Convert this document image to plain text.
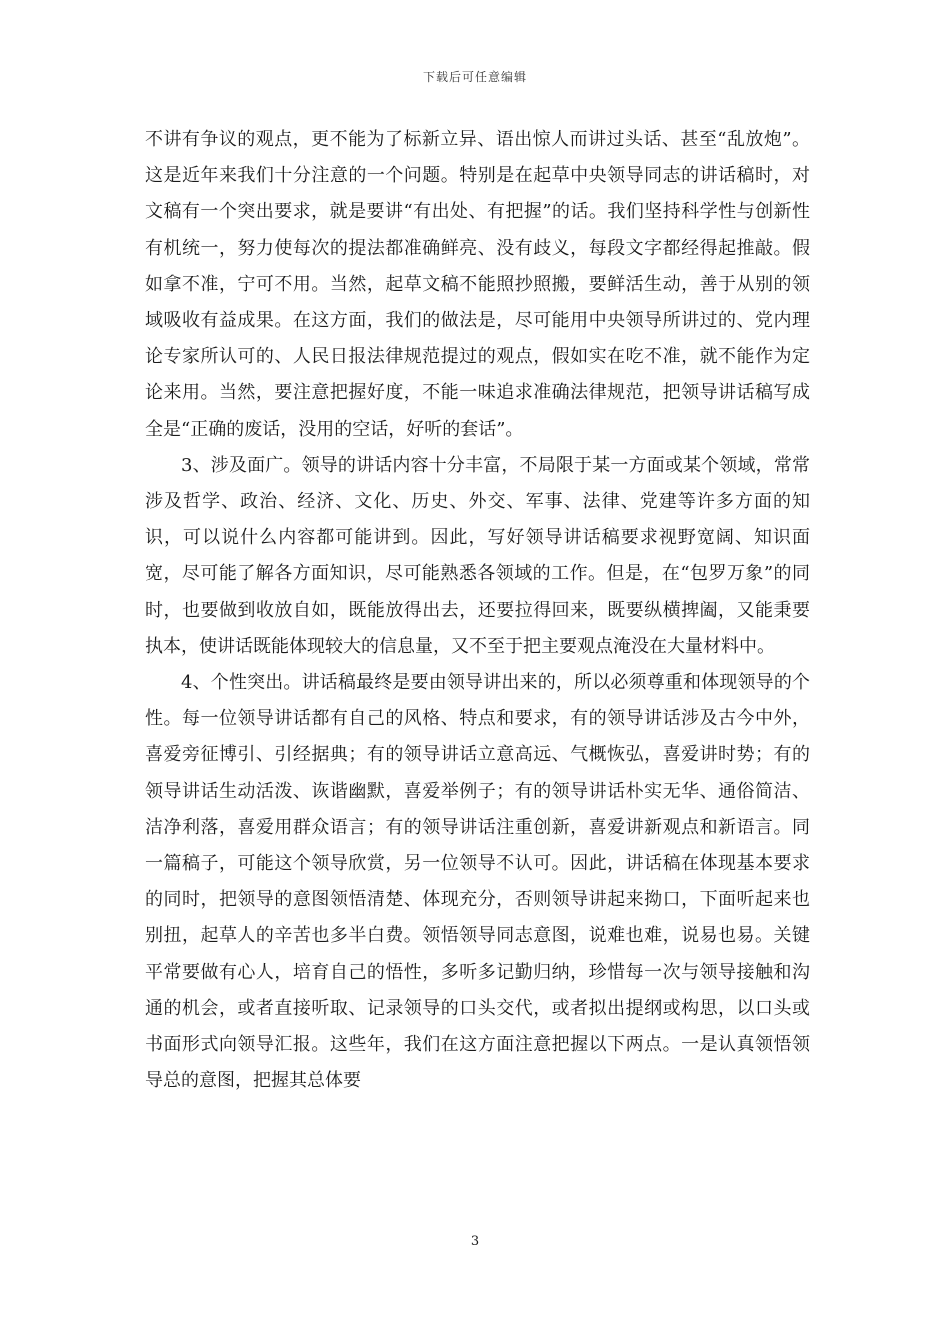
下载后可任意编辑

不讲有争议的观点，更不能为了标新立异、语出惊人而讲过头话、甚至“乱放炮”。这是近年来我们十分注意的一个问题。特别是在起草中央领导同志的讲话稿时，对文稿有一个突出要求，就是要讲“有出处、有把握”的话。我们坚持科学性与创新性有机统一，努力使每次的提法都准确鲜亮、没有歧义，每段文字都经得起推敲。假如拿不准，宁可不用。当然，起草文稿不能照抄照搬，要鲜活生动，善于从别的领域吸收有益成果。在这方面，我们的做法是，尽可能用中央领导所讲过的、党内理论专家所认可的、人民日报法律规范提过的观点，假如实在吃不准，就不能作为定论来用。当然，要注意把握好度，不能一味追求准确法律规范，把领导讲话稿写成全是“正确的废话，没用的空话，好听的套话”。

3、涉及面广。领导的讲话内容十分丰富，不局限于某一方面或某个领域，常常涉及哲学、政治、经济、文化、历史、外交、军事、法律、党建等许多方面的知识，可以说什么内容都可能讲到。因此，写好领导讲话稿要求视野宽阔、知识面宽，尽可能了解各方面知识，尽可能熟悉各领域的工作。但是，在“包罗万象”的同时，也要做到收放自如，既能放得出去，还要拉得回来，既要纵横捭阖，又能秉要执本，使讲话既能体现较大的信息量，又不至于把主要观点淹没在大量材料中。

4、个性突出。讲话稿最终是要由领导讲出来的，所以必须尊重和体现领导的个性。每一位领导讲话都有自己的风格、特点和要求，有的领导讲话涉及古今中外，喜爱旁征博引、引经据典；有的领导讲话立意高远、气概恢弘，喜爱讲时势；有的领导讲话生动活泼、诙谐幽默，喜爱举例子；有的领导讲话朴实无华、通俗简洁、洁净利落，喜爱用群众语言；有的领导讲话注重创新，喜爱讲新观点和新语言。同一篇稿子，可能这个领导欣赏，另一位领导不认可。因此，讲话稿在体现基本要求的同时，把领导的意图领悟清楚、体现充分，否则领导讲起来拗口，下面听起来也别扭，起草人的辛苦也多半白费。领悟领导同志意图，说难也难，说易也易。关键平常要做有心人，培育自己的悟性，多听多记勤归纳，珍惜每一次与领导接触和沟通的机会，或者直接听取、记录领导的口头交代，或者拟出提纲或构思，以口头或书面形式向领导汇报。这些年，我们在这方面注意把握以下两点。一是认真领悟领导总的意图，把握其总体要

3
